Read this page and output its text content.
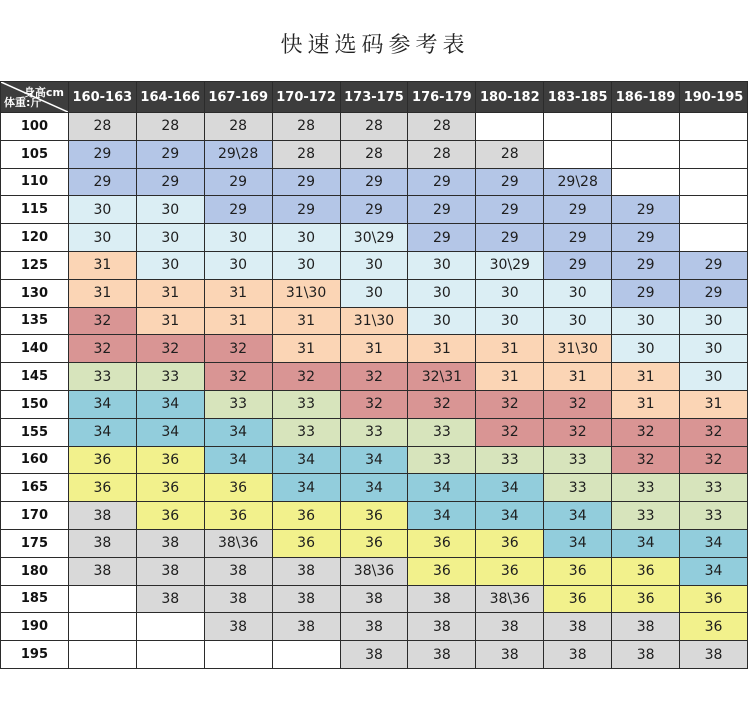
快速选码参考表
身高cm
体重:斤	160-163	164-166	167-169	170-172	173-175	176-179	180-182	183-185	186-189	190-195
100	28	28	28	28	28	28				
105	29	29	29\28	28	28	28	28			
110	29	29	29	29	29	29	29	29\28		
115	30	30	29	29	29	29	29	29	29	
120	30	30	30	30	30\29	29	29	29	29	
125	31	30	30	30	30	30	30\29	29	29	29
130	31	31	31	31\30	30	30	30	30	29	29
135	32	31	31	31	31\30	30	30	30	30	30
140	32	32	32	31	31	31	31	31\30	30	30
145	33	33	32	32	32	32\31	31	31	31	30
150	34	34	33	33	32	32	32	32	31	31
155	34	34	34	33	33	33	32	32	32	32
160	36	36	34	34	34	33	33	33	32	32
165	36	36	36	34	34	34	34	33	33	33
170	38	36	36	36	36	34	34	34	33	33
175	38	38	38\36	36	36	36	36	34	34	34
180	38	38	38	38	38\36	36	36	36	36	34
185		38	38	38	38	38	38\36	36	36	36
190			38	38	38	38	38	38	38	36
195					38	38	38	38	38	38
